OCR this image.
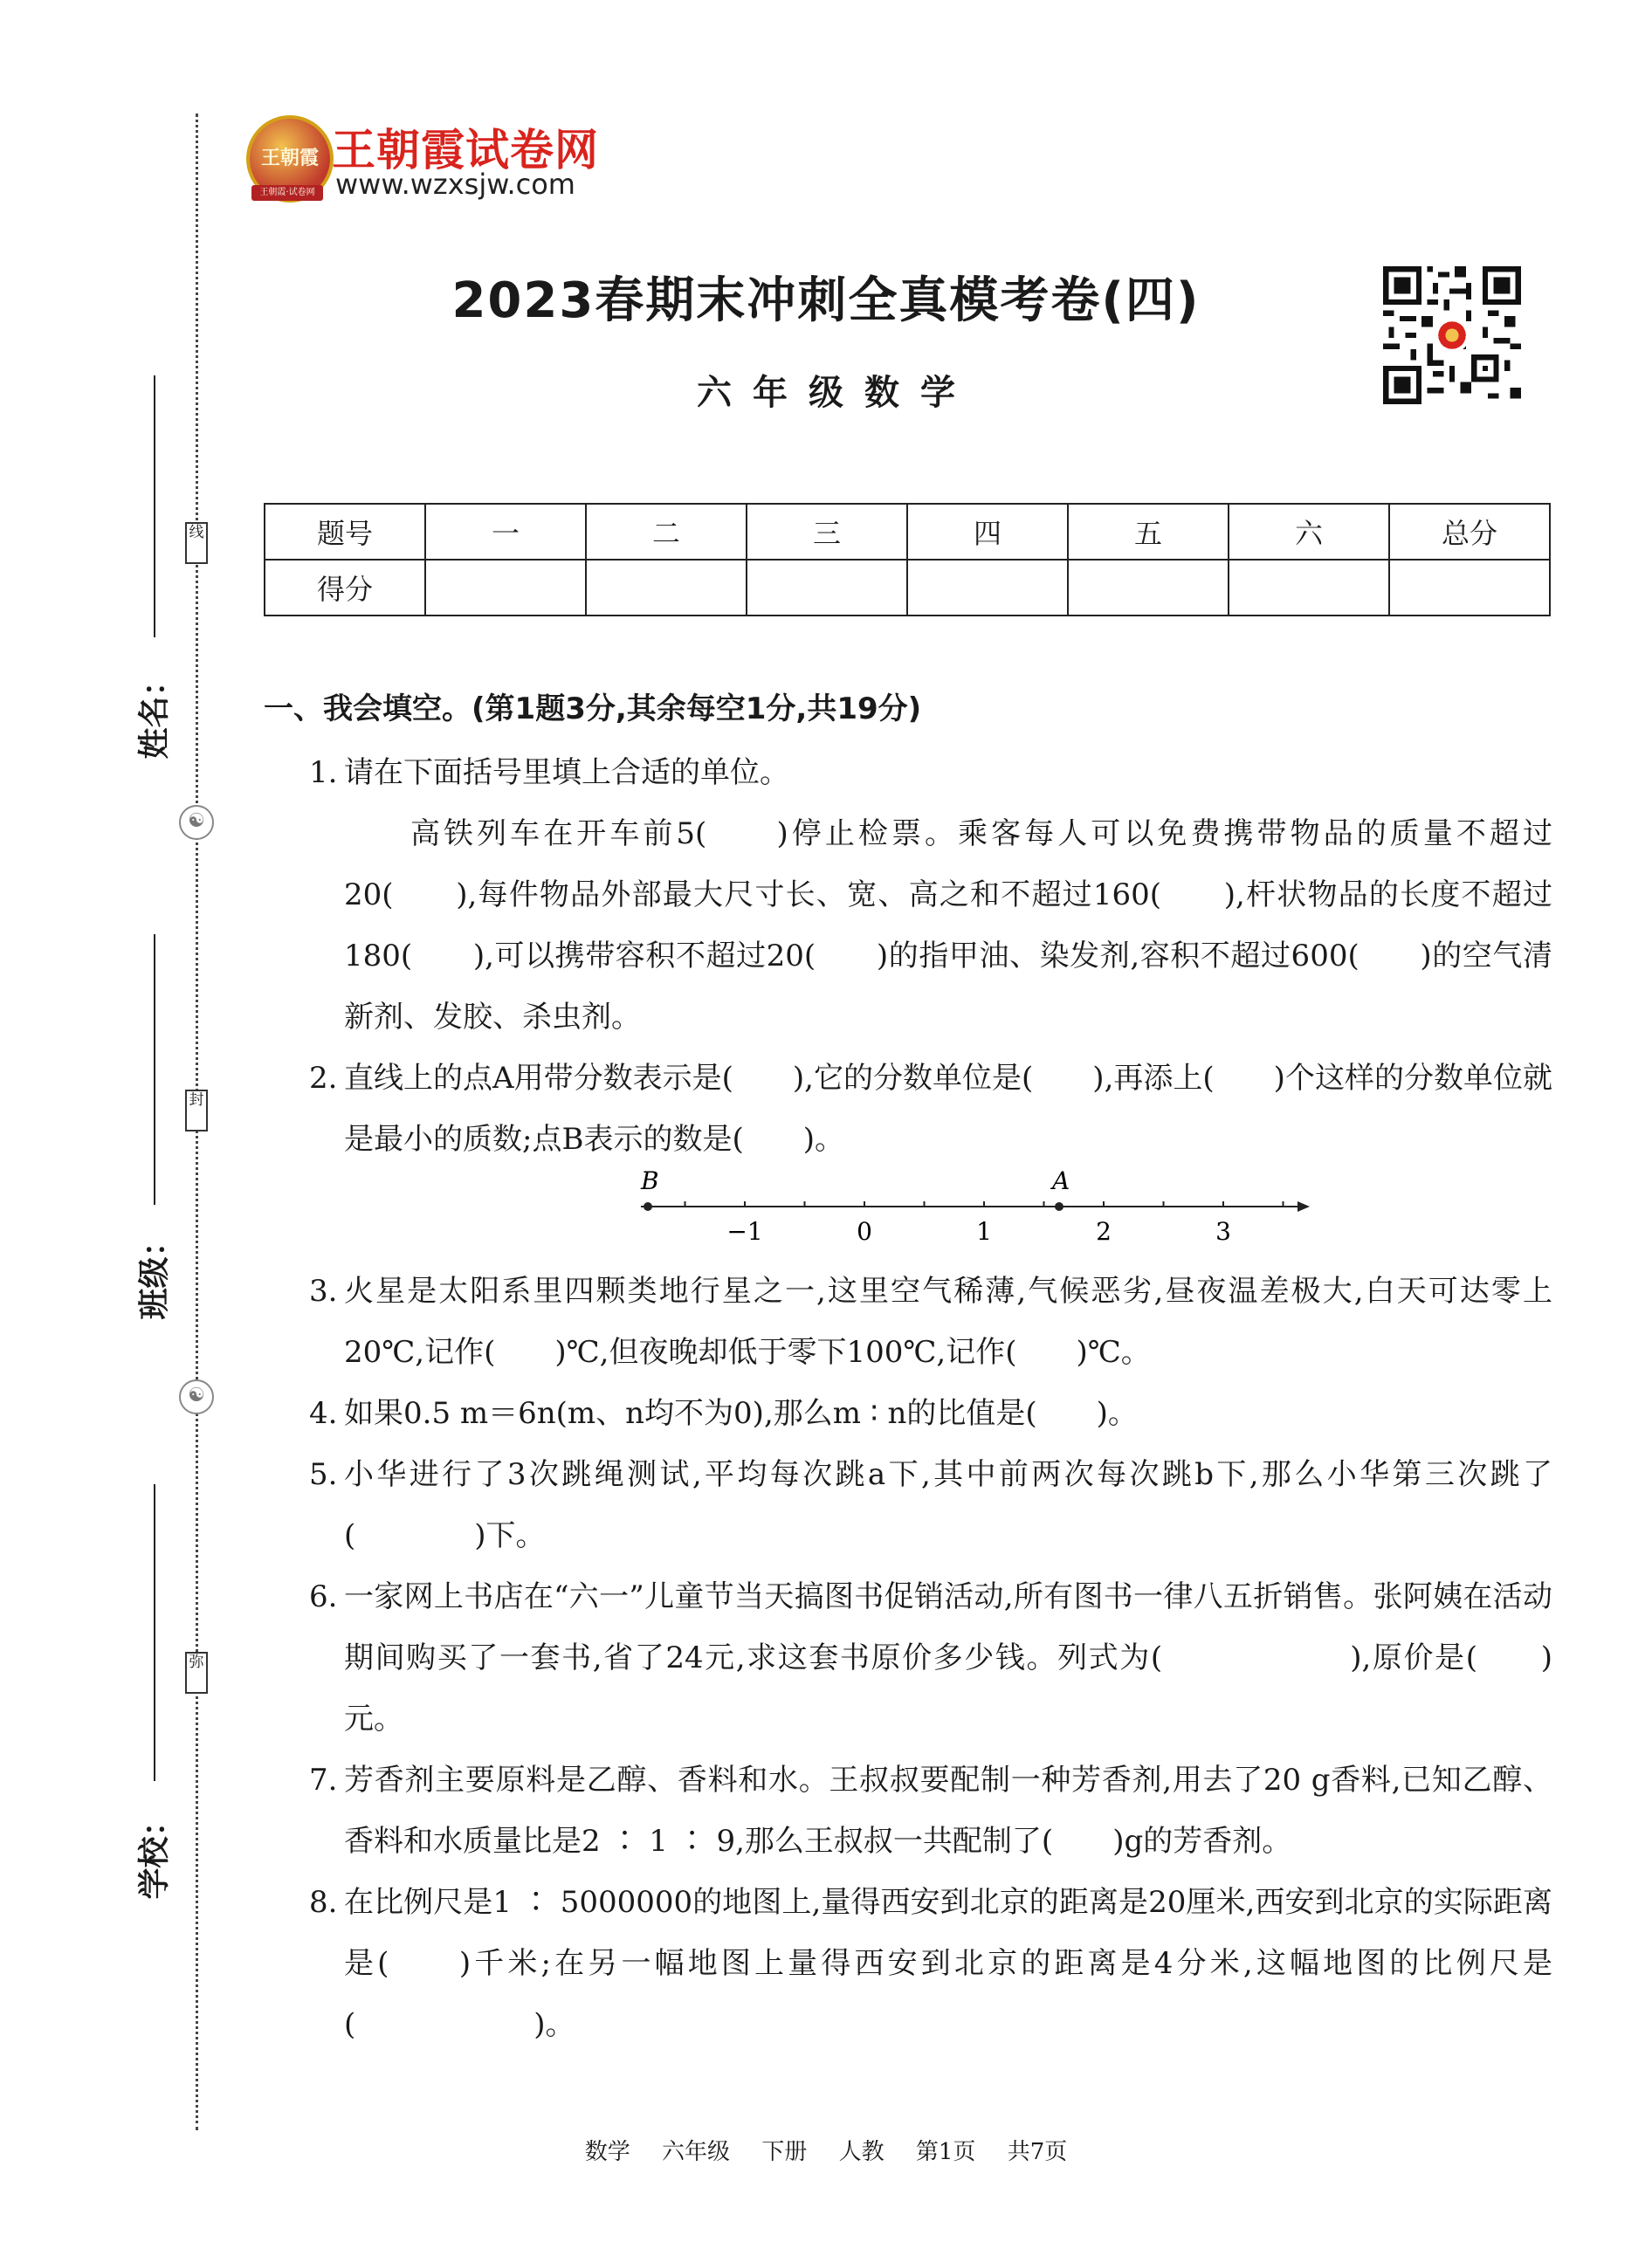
线
封
弥
☯
☯
姓名：
班级：
学校：
王朝霞
王朝霞·试卷网
王朝霞试卷网
www.wzxsjw.com
2023春期末冲刺全真模考卷(四)
六年级数学
题号	一	二	三	四	五	六	总分
得分							
一、我会填空。(第1题3分,其余每空1分,共19分)
1. 请在下面括号里填上合适的单位。
高铁列车在开车前5(　　)停止检票。乘客每人可以免费携带物品的质量不超过20(　　),每件物品外部最大尺寸长、宽、高之和不超过160(　　),杆状物品的长度不超过180(　　),可以携带容积不超过20(　　)的指甲油、染发剂,容积不超过600(　　)的空气清新剂、发胶、杀虫剂。
2. 直线上的点A用带分数表示是(　　),它的分数单位是(　　),再添上(　　)个这样的分数单位就是最小的质数;点B表示的数是(　　)。
B	A
−1	0	1	2	3
3. 火星是太阳系里四颗类地行星之一,这里空气稀薄,气候恶劣,昼夜温差极大,白天可达零上20℃,记作(　　)℃,但夜晚却低于零下100℃,记作(　　)℃。
4. 如果0.5 m＝6n(m、n均不为0),那么m ∶ n的比值是(　　)。
5. 小华进行了3次跳绳测试,平均每次跳a下,其中前两次每次跳b下,那么小华第三次跳了(　　　　)下。
6. 一家网上书店在“六一”儿童节当天搞图书促销活动,所有图书一律八五折销售。张阿姨在活动期间购买了一套书,省了24元,求这套书原价多少钱。列式为(　　　　　　),原价是(　　)元。
7. 芳香剂主要原料是乙醇、香料和水。王叔叔要配制一种芳香剂,用去了20 g香料,已知乙醇、香料和水质量比是2 ∶ 1 ∶ 9,那么王叔叔一共配制了(　　)g的芳香剂。
8. 在比例尺是1 ∶ 5000000的地图上,量得西安到北京的距离是20厘米,西安到北京的实际距离是(　　)千米;在另一幅地图上量得西安到北京的距离是4分米,这幅地图的比例尺是(　　　　　　)。
数学 六年级 下册 人教 第1页 共7页
